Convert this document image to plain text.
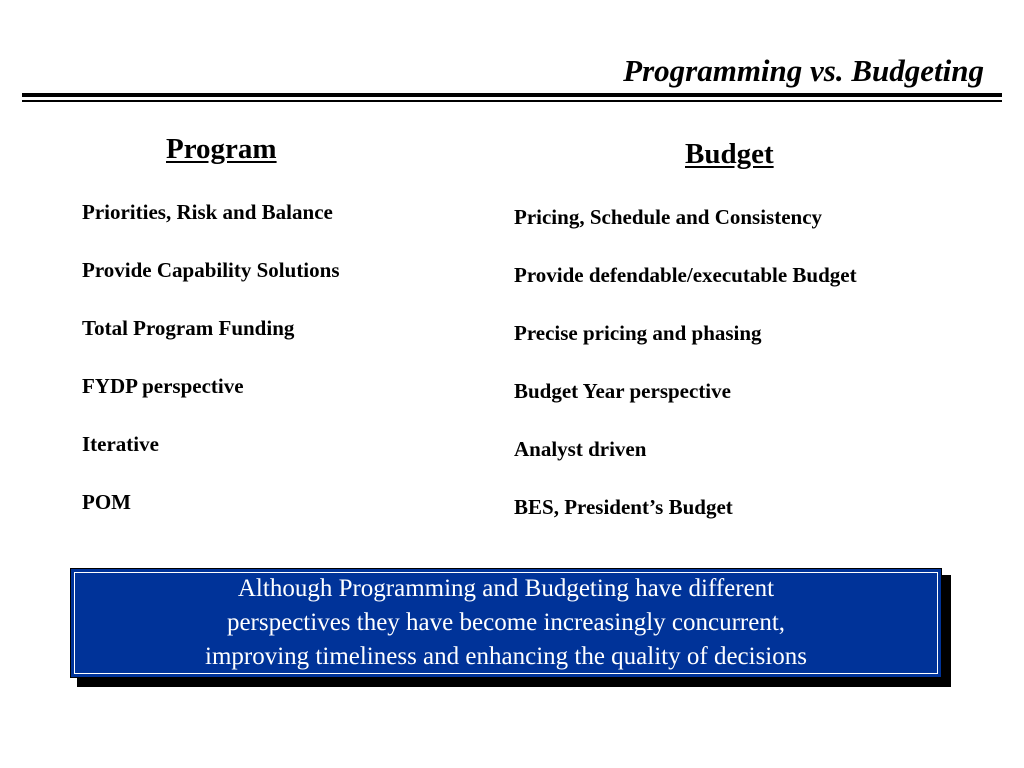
Programming vs. Budgeting
Program
Priorities, Risk and Balance
Provide Capability Solutions
Total Program Funding
FYDP perspective
Iterative
POM
Budget
Pricing, Schedule and Consistency
Provide defendable/executable Budget
Precise pricing and phasing
Budget Year perspective
Analyst driven
BES, President’s Budget
Although Programming and Budgeting have different
perspectives they have become increasingly concurrent,
improving timeliness and enhancing the quality of decisions
